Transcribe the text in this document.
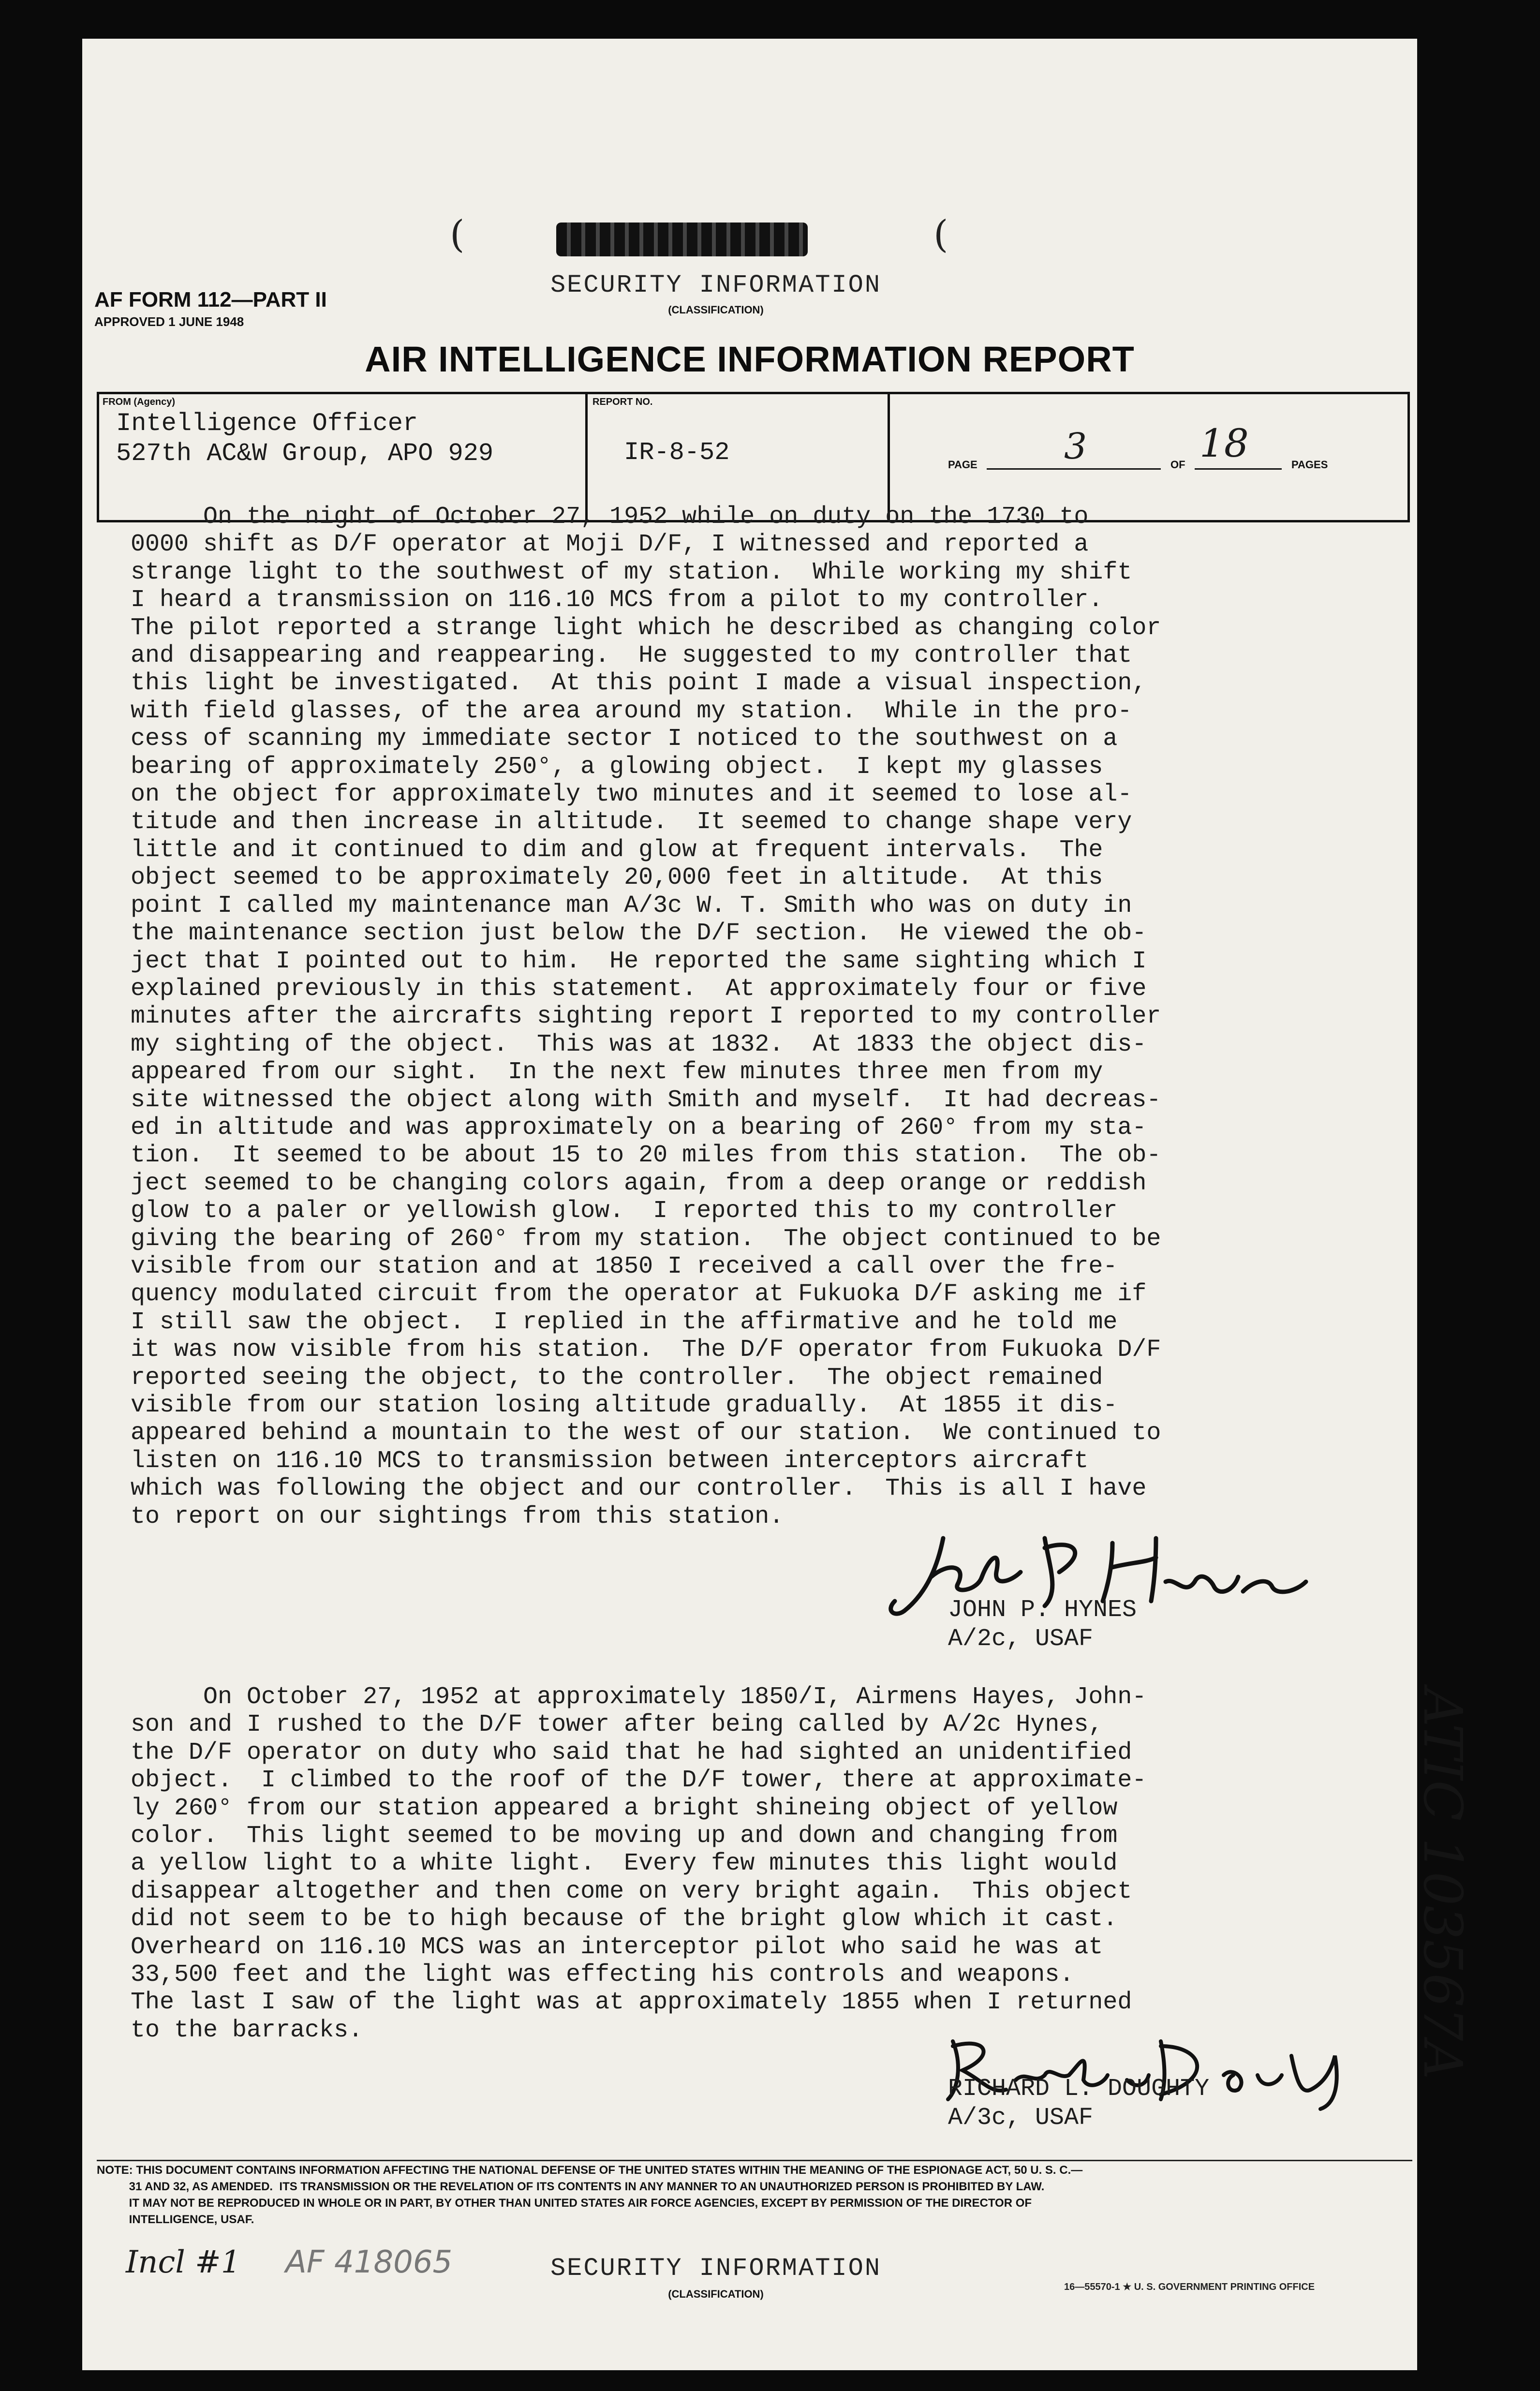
(	(
AF FORM 112—PART II
APPROVED 1 JUNE 1948
SECURITY INFORMATION
(CLASSIFICATION)
AIR INTELLIGENCE INFORMATION REPORT
FROM (Agency)
Intelligence Officer
527th AC&W Group, APO 929
REPORT NO.
IR-8-52	PAGE 3	OF 18	PAGES
On the night of October 27, 1952 while on duty on the 1730 to
0000 shift as D/F operator at Moji D/F, I witnessed and reported a
strange light to the southwest of my station.  While working my shift
I heard a transmission on 116.10 MCS from a pilot to my controller.
The pilot reported a strange light which he described as changing color
and disappearing and reappearing.  He suggested to my controller that
this light be investigated.  At this point I made a visual inspection,
with field glasses, of the area around my station.  While in the pro-
cess of scanning my immediate sector I noticed to the southwest on a
bearing of approximately 250°, a glowing object.  I kept my glasses
on the object for approximately two minutes and it seemed to lose al-
titude and then increase in altitude.  It seemed to change shape very
little and it continued to dim and glow at frequent intervals.  The
object seemed to be approximately 20,000 feet in altitude.  At this
point I called my maintenance man A/3c W. T. Smith who was on duty in
the maintenance section just below the D/F section.  He viewed the ob-
ject that I pointed out to him.  He reported the same sighting which I
explained previously in this statement.  At approximately four or five
minutes after the aircrafts sighting report I reported to my controller
my sighting of the object.  This was at 1832.  At 1833 the object dis-
appeared from our sight.  In the next few minutes three men from my
site witnessed the object along with Smith and myself.  It had decreas-
ed in altitude and was approximately on a bearing of 260° from my sta-
tion.  It seemed to be about 15 to 20 miles from this station.  The ob-
ject seemed to be changing colors again, from a deep orange or reddish
glow to a paler or yellowish glow.  I reported this to my controller
giving the bearing of 260° from my station.  The object continued to be
visible from our station and at 1850 I received a call over the fre-
quency modulated circuit from the operator at Fukuoka D/F asking me if
I still saw the object.  I replied in the affirmative and he told me
it was now visible from his station.  The D/F operator from Fukuoka D/F
reported seeing the object, to the controller.  The object remained
visible from our station losing altitude gradually.  At 1855 it dis-
appeared behind a mountain to the west of our station.  We continued to
listen on 116.10 MCS to transmission between interceptors aircraft
which was following the object and our controller.  This is all I have
to report on our sightings from this station.
JOHN P. HYNES
A/2c, USAF
On October 27, 1952 at approximately 1850/I, Airmens Hayes, John-
son and I rushed to the D/F tower after being called by A/2c Hynes,
the D/F operator on duty who said that he had sighted an unidentified
object.  I climbed to the roof of the D/F tower, there at approximate-
ly 260° from our station appeared a bright shineing object of yellow
color.  This light seemed to be moving up and down and changing from
a yellow light to a white light.  Every few minutes this light would
disappear altogether and then come on very bright again.  This object
did not seem to be to high because of the bright glow which it cast.
Overheard on 116.10 MCS was an interceptor pilot who said he was at
33,500 feet and the light was effecting his controls and weapons.
The last I saw of the light was at approximately 1855 when I returned
to the barracks.
RICHARD L. DOUGHTY
A/3c, USAF
ATIC 103567A
NOTE: THIS DOCUMENT CONTAINS INFORMATION AFFECTING THE NATIONAL DEFENSE OF THE UNITED STATES WITHIN THE MEANING OF THE ESPIONAGE ACT, 50 U. S. C.—
31 AND 32, AS AMENDED.  ITS TRANSMISSION OR THE REVELATION OF ITS CONTENTS IN ANY MANNER TO AN UNAUTHORIZED PERSON IS PROHIBITED BY LAW.
IT MAY NOT BE REPRODUCED IN WHOLE OR IN PART, BY OTHER THAN UNITED STATES AIR FORCE AGENCIES, EXCEPT BY PERMISSION OF THE DIRECTOR OF
INTELLIGENCE, USAF.
Incl #1 AF 418065	SECURITY INFORMATION
(CLASSIFICATION)
16—55570-1 ★ U. S. GOVERNMENT PRINTING OFFICE
